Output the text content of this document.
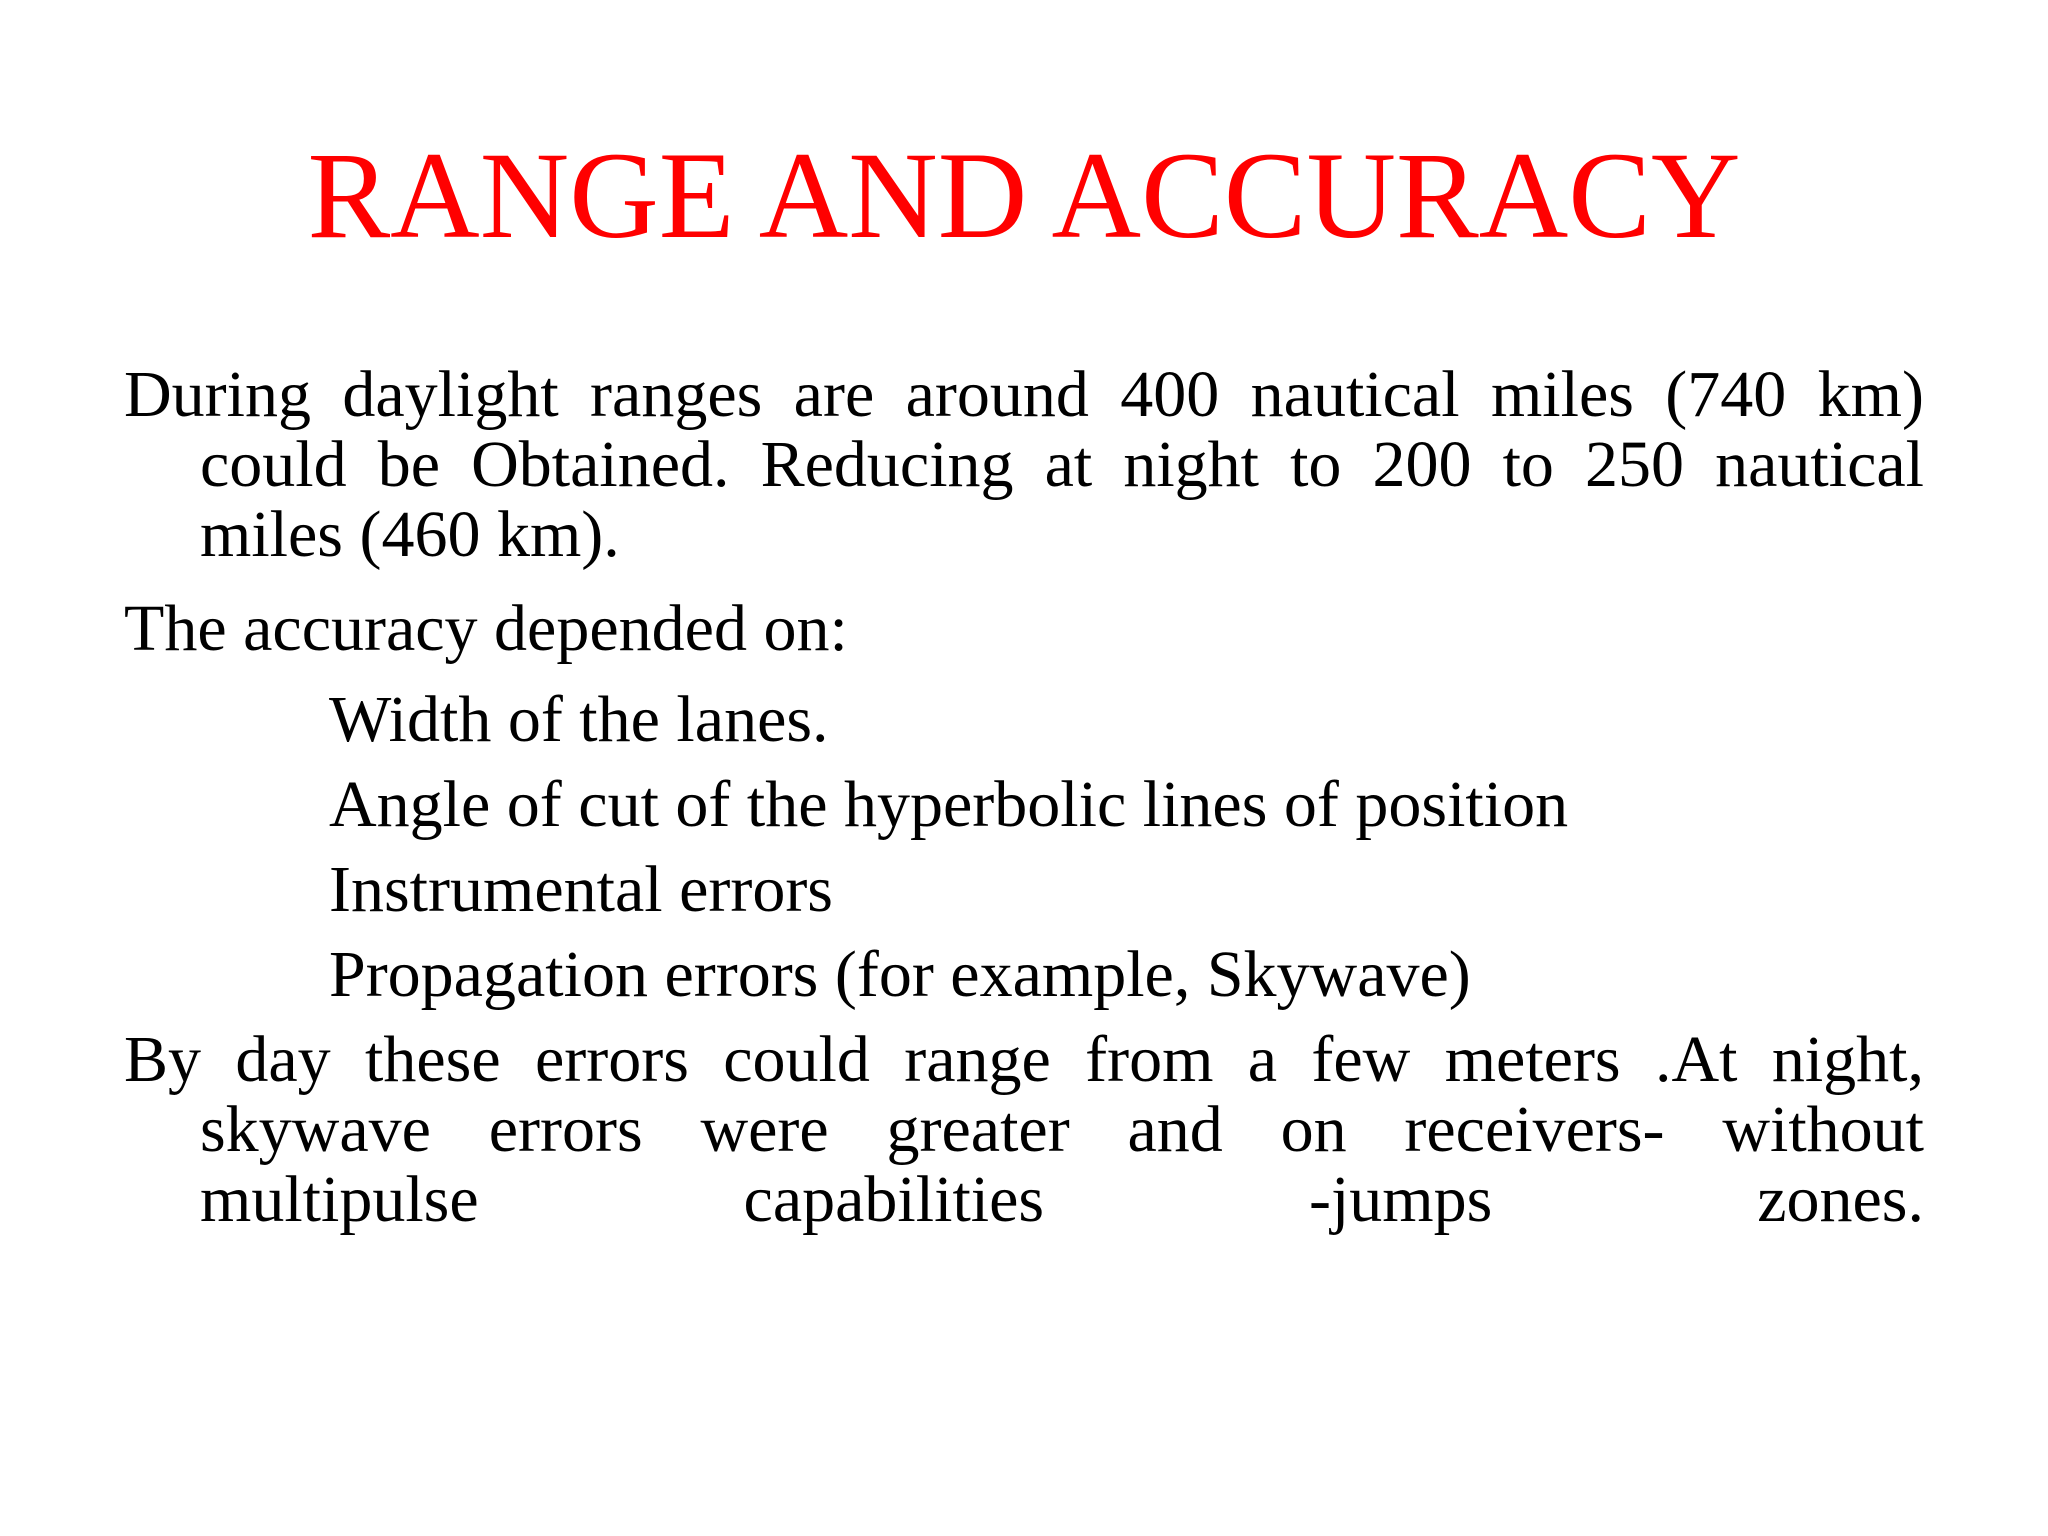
RANGE AND ACCURACY

During daylight ranges are around 400 nautical miles (740 km) could be Obtained. Reducing at night to 200 to 250 nautical miles (460 km).

The accuracy depended on:

Width of the lanes.

Angle of cut of the hyperbolic lines of position

Instrumental errors

Propagation errors (for example, Skywave)

By day these errors could range from a few meters .At night, skywave errors were greater and on receivers- without multipulse capabilities -jumps zones.
